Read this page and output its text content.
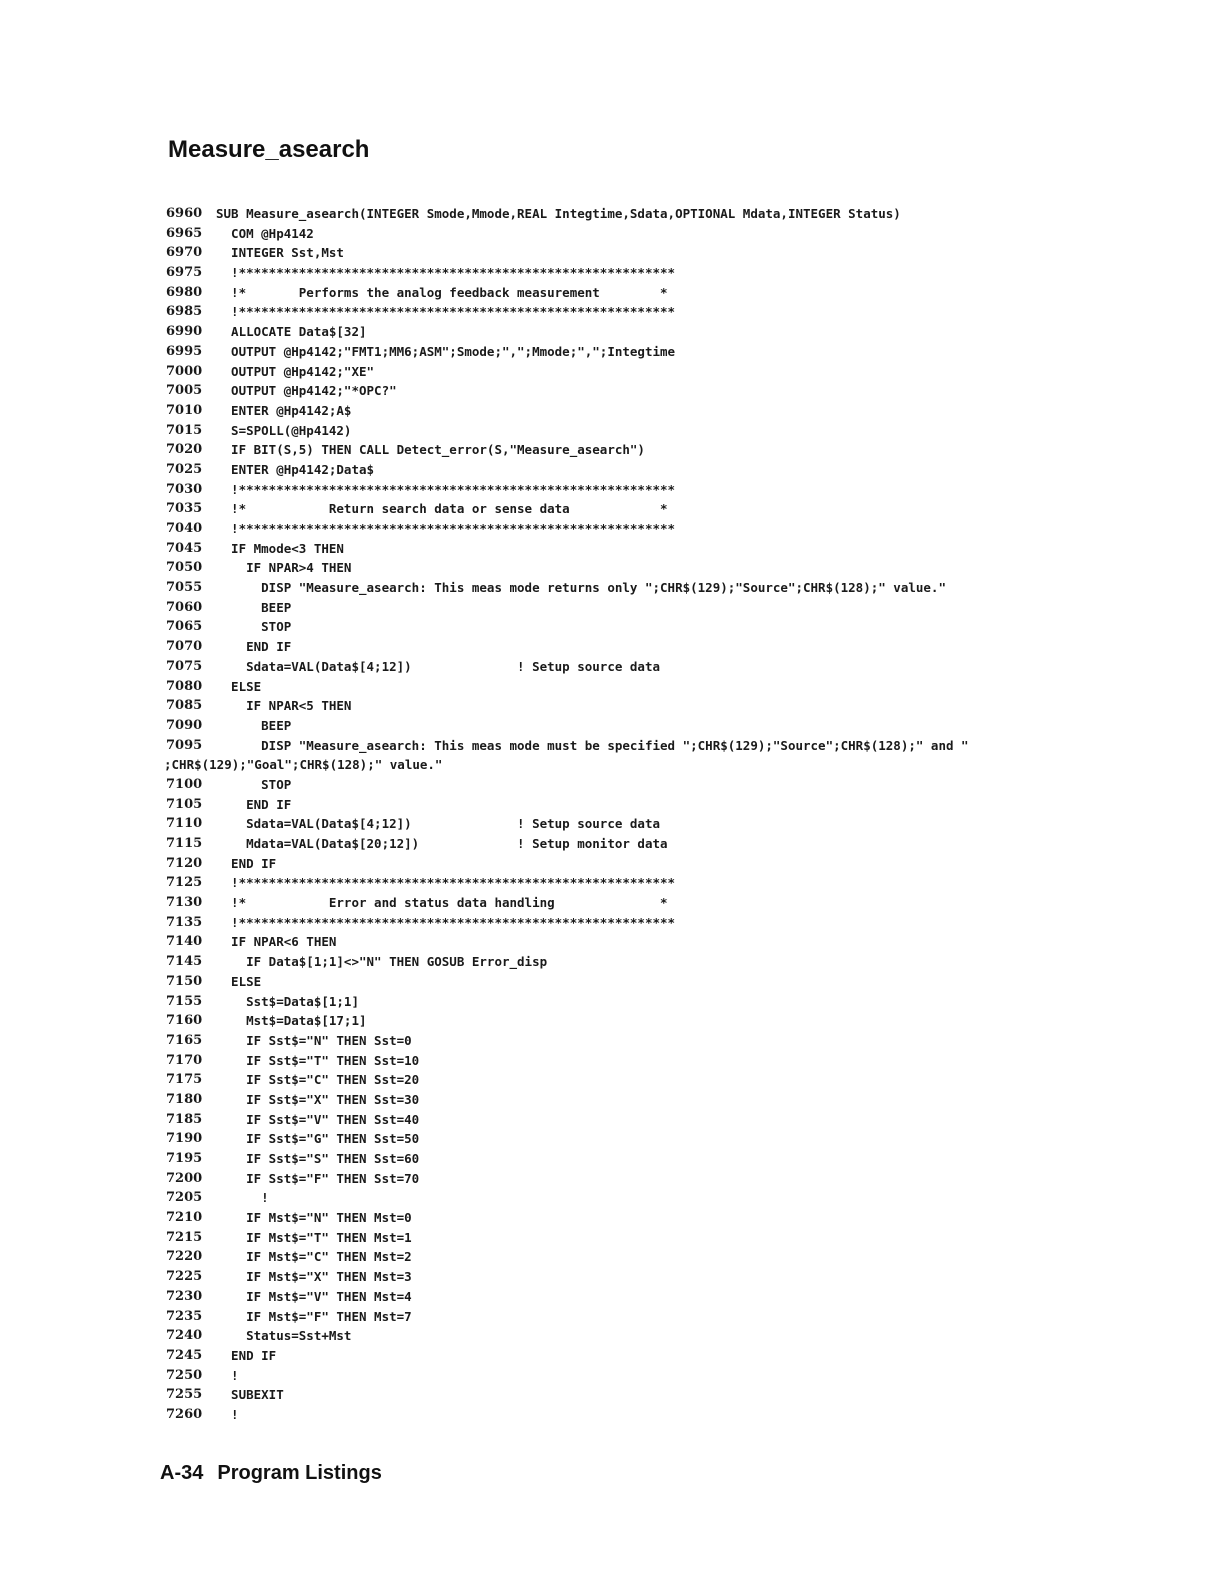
Measure_asearch
6960	SUB Measure_asearch(INTEGER Smode,Mmode,REAL Integtime,Sdata,OPTIONAL Mdata,INTEGER Status)
6965	COM @Hp4142
6970	INTEGER Sst,Mst
6975	!**********************************************************
6980	!*       Performs the analog feedback measurement        *
6985	!**********************************************************
6990	ALLOCATE Data$[32]
6995	OUTPUT @Hp4142;"FMT1;MM6;ASM";Smode;",";Mmode;",";Integtime
7000	OUTPUT @Hp4142;"XE"
7005	OUTPUT @Hp4142;"*OPC?"
7010	ENTER @Hp4142;A$
7015	S=SPOLL(@Hp4142)
7020	IF BIT(S,5) THEN CALL Detect_error(S,"Measure_asearch")
7025	ENTER @Hp4142;Data$
7030	!**********************************************************
7035	!*           Return search data or sense data            *
7040	!**********************************************************
7045	IF Mmode<3 THEN
7050	IF NPAR>4 THEN
7055	DISP "Measure_asearch: This meas mode returns only ";CHR$(129);"Source";CHR$(128);" value."
7060	BEEP
7065	STOP
7070	END IF
7075	Sdata=VAL(Data$[4;12])              ! Setup source data
7080	ELSE
7085	IF NPAR<5 THEN
7090	BEEP
7095	DISP "Measure_asearch: This meas mode must be specified ";CHR$(129);"Source";CHR$(128);" and "
;CHR$(129);"Goal";CHR$(128);" value."
7100	STOP
7105	END IF
7110	Sdata=VAL(Data$[4;12])              ! Setup source data
7115	Mdata=VAL(Data$[20;12])             ! Setup monitor data
7120	END IF
7125	!**********************************************************
7130	!*           Error and status data handling              *
7135	!**********************************************************
7140	IF NPAR<6 THEN
7145	IF Data$[1;1]<>"N" THEN GOSUB Error_disp
7150	ELSE
7155	Sst$=Data$[1;1]
7160	Mst$=Data$[17;1]
7165	IF Sst$="N" THEN Sst=0
7170	IF Sst$="T" THEN Sst=10
7175	IF Sst$="C" THEN Sst=20
7180	IF Sst$="X" THEN Sst=30
7185	IF Sst$="V" THEN Sst=40
7190	IF Sst$="G" THEN Sst=50
7195	IF Sst$="S" THEN Sst=60
7200	IF Sst$="F" THEN Sst=70
7205	!
7210	IF Mst$="N" THEN Mst=0
7215	IF Mst$="T" THEN Mst=1
7220	IF Mst$="C" THEN Mst=2
7225	IF Mst$="X" THEN Mst=3
7230	IF Mst$="V" THEN Mst=4
7235	IF Mst$="F" THEN Mst=7
7240	Status=Sst+Mst
7245	END IF
7250	!
7255	SUBEXIT
7260	!
A-34 Program Listings
